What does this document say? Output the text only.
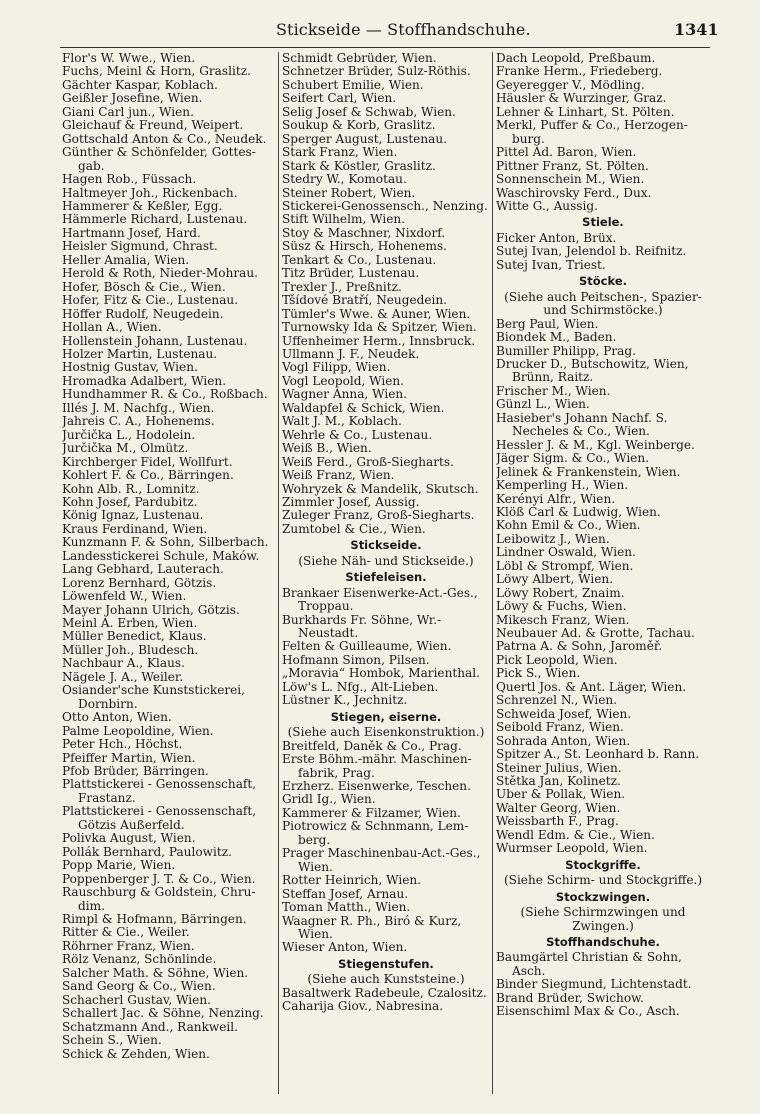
Stickseide — Stoffhandschuhe.	1341
Flor's W. Wwe., Wien.
Fuchs, Meinl & Horn, Graslitz.
Gächter Kaspar, Koblach.
Geißler Josefine, Wien.
Giani Carl jun., Wien.
Gleichauf & Freund, Weipert.
Gottschald Anton & Co., Neudek.
Günther & Schönfelder, Gottes-
gab.
Hagen Rob., Füssach.
Haltmeyer Joh., Rickenbach.
Hammerer & Keßler, Egg.
Hämmerle Richard, Lustenau.
Hartmann Josef, Hard.
Heisler Sigmund, Chrast.
Heller Amalia, Wien.
Herold & Roth, Nieder-Mohrau.
Hofer, Bösch & Cie., Wien.
Hofer, Fitz & Cie., Lustenau.
Höffer Rudolf, Neugedein.
Hollan A., Wien.
Hollenstein Johann, Lustenau.
Holzer Martin, Lustenau.
Hostnig Gustav, Wien.
Hromadka Adalbert, Wien.
Hundhammer R. & Co., Roßbach.
Illés J. M. Nachfg., Wien.
Jahreis C. A., Hohenems.
Jurčička L., Hodolein.
Jurčička M., Olmütz.
Kirchberger Fidel, Wollfurt.
Kohlert F. & Co., Bärringen.
Kohn Alb. R., Lomnitz.
Kohn Josef, Pardubitz.
König Ignaz, Lustenau.
Kraus Ferdinand, Wien.
Kunzmann F. & Sohn, Silberbach.
Landesstickerei Schule, Maków.
Lang Gebhard, Lauterach.
Lorenz Bernhard, Götzis.
Löwenfeld W., Wien.
Mayer Johann Ulrich, Götzis.
Meinl A. Erben, Wien.
Müller Benedict, Klaus.
Müller Joh., Bludesch.
Nachbaur A., Klaus.
Nägele J. A., Weiler.
Osiander'sche Kunststickerei,
Dornbirn.
Otto Anton, Wien.
Palme Leopoldine, Wien.
Peter Hch., Höchst.
Pfeiffer Martin, Wien.
Pfob Brüder, Bärringen.
Plattstickerei - Genossenschaft,
Frastanz.
Plattstickerei - Genossenschaft,
Götzis Außerfeld.
Polivka August, Wien.
Pollák Bernhard, Paulowitz.
Popp Marie, Wien.
Poppenberger J. T. & Co., Wien.
Rauschburg & Goldstein, Chru-
dim.
Rimpl & Hofmann, Bärringen.
Ritter & Cie., Weiler.
Röhrner Franz, Wien.
Rölz Venanz, Schönlinde.
Salcher Math. & Söhne, Wien.
Sand Georg & Co., Wien.
Schacherl Gustav, Wien.
Schallert Jac. & Söhne, Nenzing.
Schatzmann And., Rankweil.
Schein S., Wien.
Schick & Zehden, Wien.
Schmidt Gebrüder, Wien.
Schnetzer Brüder, Sulz-Röthis.
Schubert Emilie, Wien.
Seifert Carl, Wien.
Selig Josef & Schwab, Wien.
Soukup & Korb, Graslitz.
Sperger August, Lustenau.
Stark Franz, Wien.
Stark & Köstler, Graslitz.
Stedry W., Komotau.
Steiner Robert, Wien.
Stickerei-Genossensch., Nenzing.
Stift Wilhelm, Wien.
Stoy & Maschner, Nixdorf.
Süsz & Hirsch, Hohenems.
Tenkart & Co., Lustenau.
Titz Brüder, Lustenau.
Trexler J., Preßnitz.
Tšídové Bratří, Neugedein.
Tümler's Wwe. & Auner, Wien.
Turnowsky Ida & Spitzer, Wien.
Uffenheimer Herm., Innsbruck.
Ullmann J. F., Neudek.
Vogl Filipp, Wien.
Vogl Leopold, Wien.
Wagner Anna, Wien.
Waldapfel & Schick, Wien.
Walt J. M., Koblach.
Wehrle & Co., Lustenau.
Weiß B., Wien.
Weiß Ferd., Groß-Siegharts.
Weiß Franz, Wien.
Wohryzek & Mandelik, Skutsch.
Zimmler Josef, Aussig.
Zuleger Franz, Groß-Siegharts.
Zumtobel & Cie., Wien.
Stickseide.
(Siehe Näh- und Stickseide.)
Stiefeleisen.
Brankaer Eisenwerke-Act.-Ges.,
Troppau.
Burkhards Fr. Söhne, Wr.-
Neustadt.
Felten & Guilleaume, Wien.
Hofmann Simon, Pilsen.
„Moravia“ Hombok, Marienthal.
Löw's L. Nfg., Alt-Lieben.
Lüstner K., Jechnitz.
Stiegen, eiserne.
(Siehe auch Eisenkonstruktion.)
Breitfeld, Daněk & Co., Prag.
Erste Böhm.-mähr. Maschinen-
fabrik, Prag.
Erzherz. Eisenwerke, Teschen.
Gridl Ig., Wien.
Kammerer & Filzamer, Wien.
Piotrowicz & Schnmann, Lem-
berg.
Prager Maschinenbau-Act.-Ges.,
Wien.
Rotter Heinrich, Wien.
Steffan Josef, Arnau.
Toman Matth., Wien.
Waagner R. Ph., Biró & Kurz,
Wien.
Wieser Anton, Wien.
Stiegenstufen.
(Siehe auch Kunststeine.)
Basaltwerk Radebeule, Czalositz.
Caharija Giov., Nabresina.
Dach Leopold, Preßbaum.
Franke Herm., Friedeberg.
Geyeregger V., Mödling.
Häusler & Wurzinger, Graz.
Lehner & Linhart, St. Pölten.
Merkl, Puffer & Co., Herzogen-
burg.
Pittel Ad. Baron, Wien.
Pittner Franz, St. Pölten.
Sonnenschein M., Wien.
Waschirovsky Ferd., Dux.
Witte G., Aussig.
Stiele.
Ficker Anton, Brüx.
Šutej Ivan, Jelendol b. Reifnitz.
Šutej Ivan, Triest.
Stöcke.
(Siehe auch Peitschen-, Spazier-
und Schirmstöcke.)
Berg Paul, Wien.
Biondek M., Baden.
Bumiller Philipp, Prag.
Drucker D., Butschowitz, Wien,
Brünn, Raitz.
Frischer M., Wien.
Günzl L., Wien.
Hasieber's Johann Nachf. S.
Necheles & Co., Wien.
Hessler J. & M., Kgl. Weinberge.
Jäger Sigm. & Co., Wien.
Jelinek & Frankenstein, Wien.
Kemperling H., Wien.
Kerényi Alfr., Wien.
Klöß Carl & Ludwig, Wien.
Kohn Emil & Co., Wien.
Leibowitz J., Wien.
Lindner Oswald, Wien.
Löbl & Strompf, Wien.
Löwy Albert, Wien.
Löwy Robert, Znaim.
Löwy & Fuchs, Wien.
Mikesch Franz, Wien.
Neubauer Ad. & Grotte, Tachau.
Patrna A. & Sohn, Jaroměř.
Pick Leopold, Wien.
Pick S., Wien.
Quertl Jos. & Ant. Läger, Wien.
Schrenzel N., Wien.
Schweida Josef, Wien.
Seibold Franz, Wien.
Sohrada Anton, Wien.
Spitzer A., St. Leonhard b. Rann.
Steiner Julius, Wien.
Štětka Jan, Kolinetz.
Uber & Pollak, Wien.
Walter Georg, Wien.
Weissbarth F., Prag.
Wendl Edm. & Cie., Wien.
Wurmser Leopold, Wien.
Stockgriffe.
(Siehe Schirm- und Stockgriffe.)
Stockzwingen.
(Siehe Schirmzwingen und
Zwingen.)
Stoffhandschuhe.
Baumgärtel Christian & Sohn,
Asch.
Binder Siegmund, Lichtenstadt.
Brand Brüder, Swichow.
Eisenschiml Max & Co., Asch.
